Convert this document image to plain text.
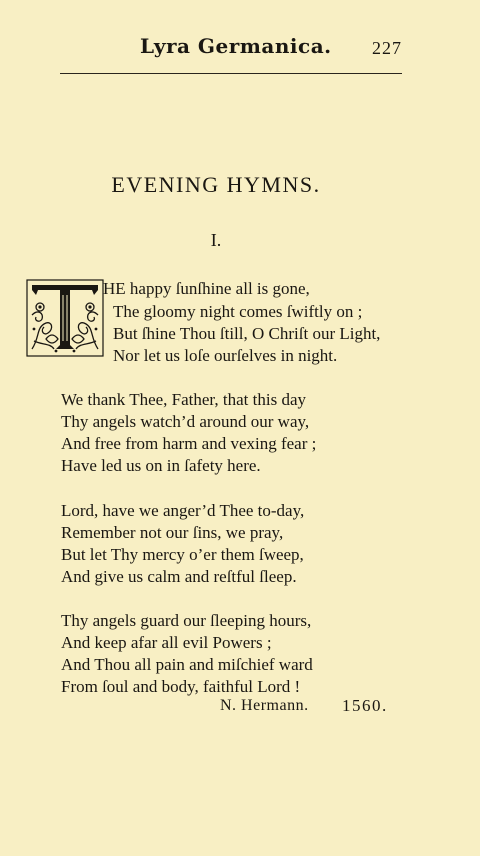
Lyra Germanica. 227
EVENING HYMNS.
I.
HE happy ſunſhine all is gone,
The gloomy night comes ſwiftly on ;
But ſhine Thou ſtill, O Chriſt our Light,
Nor let us loſe ourſelves in night.
We thank Thee, Father, that this day
Thy angels watch’d around our way,
And free from harm and vexing fear ;
Have led us on in ſafety here.
Lord, have we anger’d Thee to-day,
Remember not our ſins, we pray,
But let Thy mercy o’er them ſweep,
And give us calm and reſtful ſleep.
Thy angels guard our ſleeping hours,
And keep afar all evil Powers ;
And Thou all pain and miſchief ward
From ſoul and body, faithful Lord !
N. Hermann. 1560.
